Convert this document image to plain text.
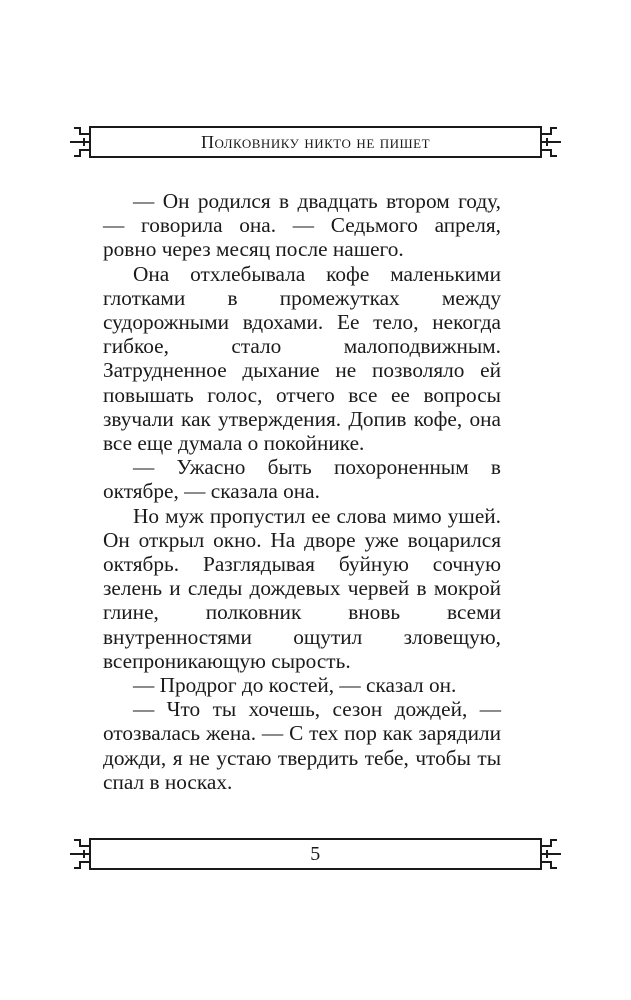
Полковнику никто не пишет

— Он родился в двадцать втором году, — говорила она. — Седьмого апреля, ровно через месяц после нашего.

Она отхлебывала кофе маленькими глотками в промежутках между судорожными вдохами. Ее тело, некогда гибкое, стало малоподвижным. Затрудненное дыхание не позволяло ей повышать голос, отчего все ее вопросы звучали как утверждения. Допив кофе, она все еще думала о покойнике.

— Ужасно быть похороненным в октябре, — сказала она.

Но муж пропустил ее слова мимо ушей. Он открыл окно. На дворе уже воцарился октябрь. Разглядывая буйную сочную зелень и следы дождевых червей в мокрой глине, полковник вновь всеми внутренностями ощутил зловещую, всепроникающую сырость.

— Продрог до костей, — сказал он.

— Что ты хочешь, сезон дождей, — отозвалась жена. — С тех пор как зарядили дожди, я не устаю твердить тебе, чтобы ты спал в носках.

5
